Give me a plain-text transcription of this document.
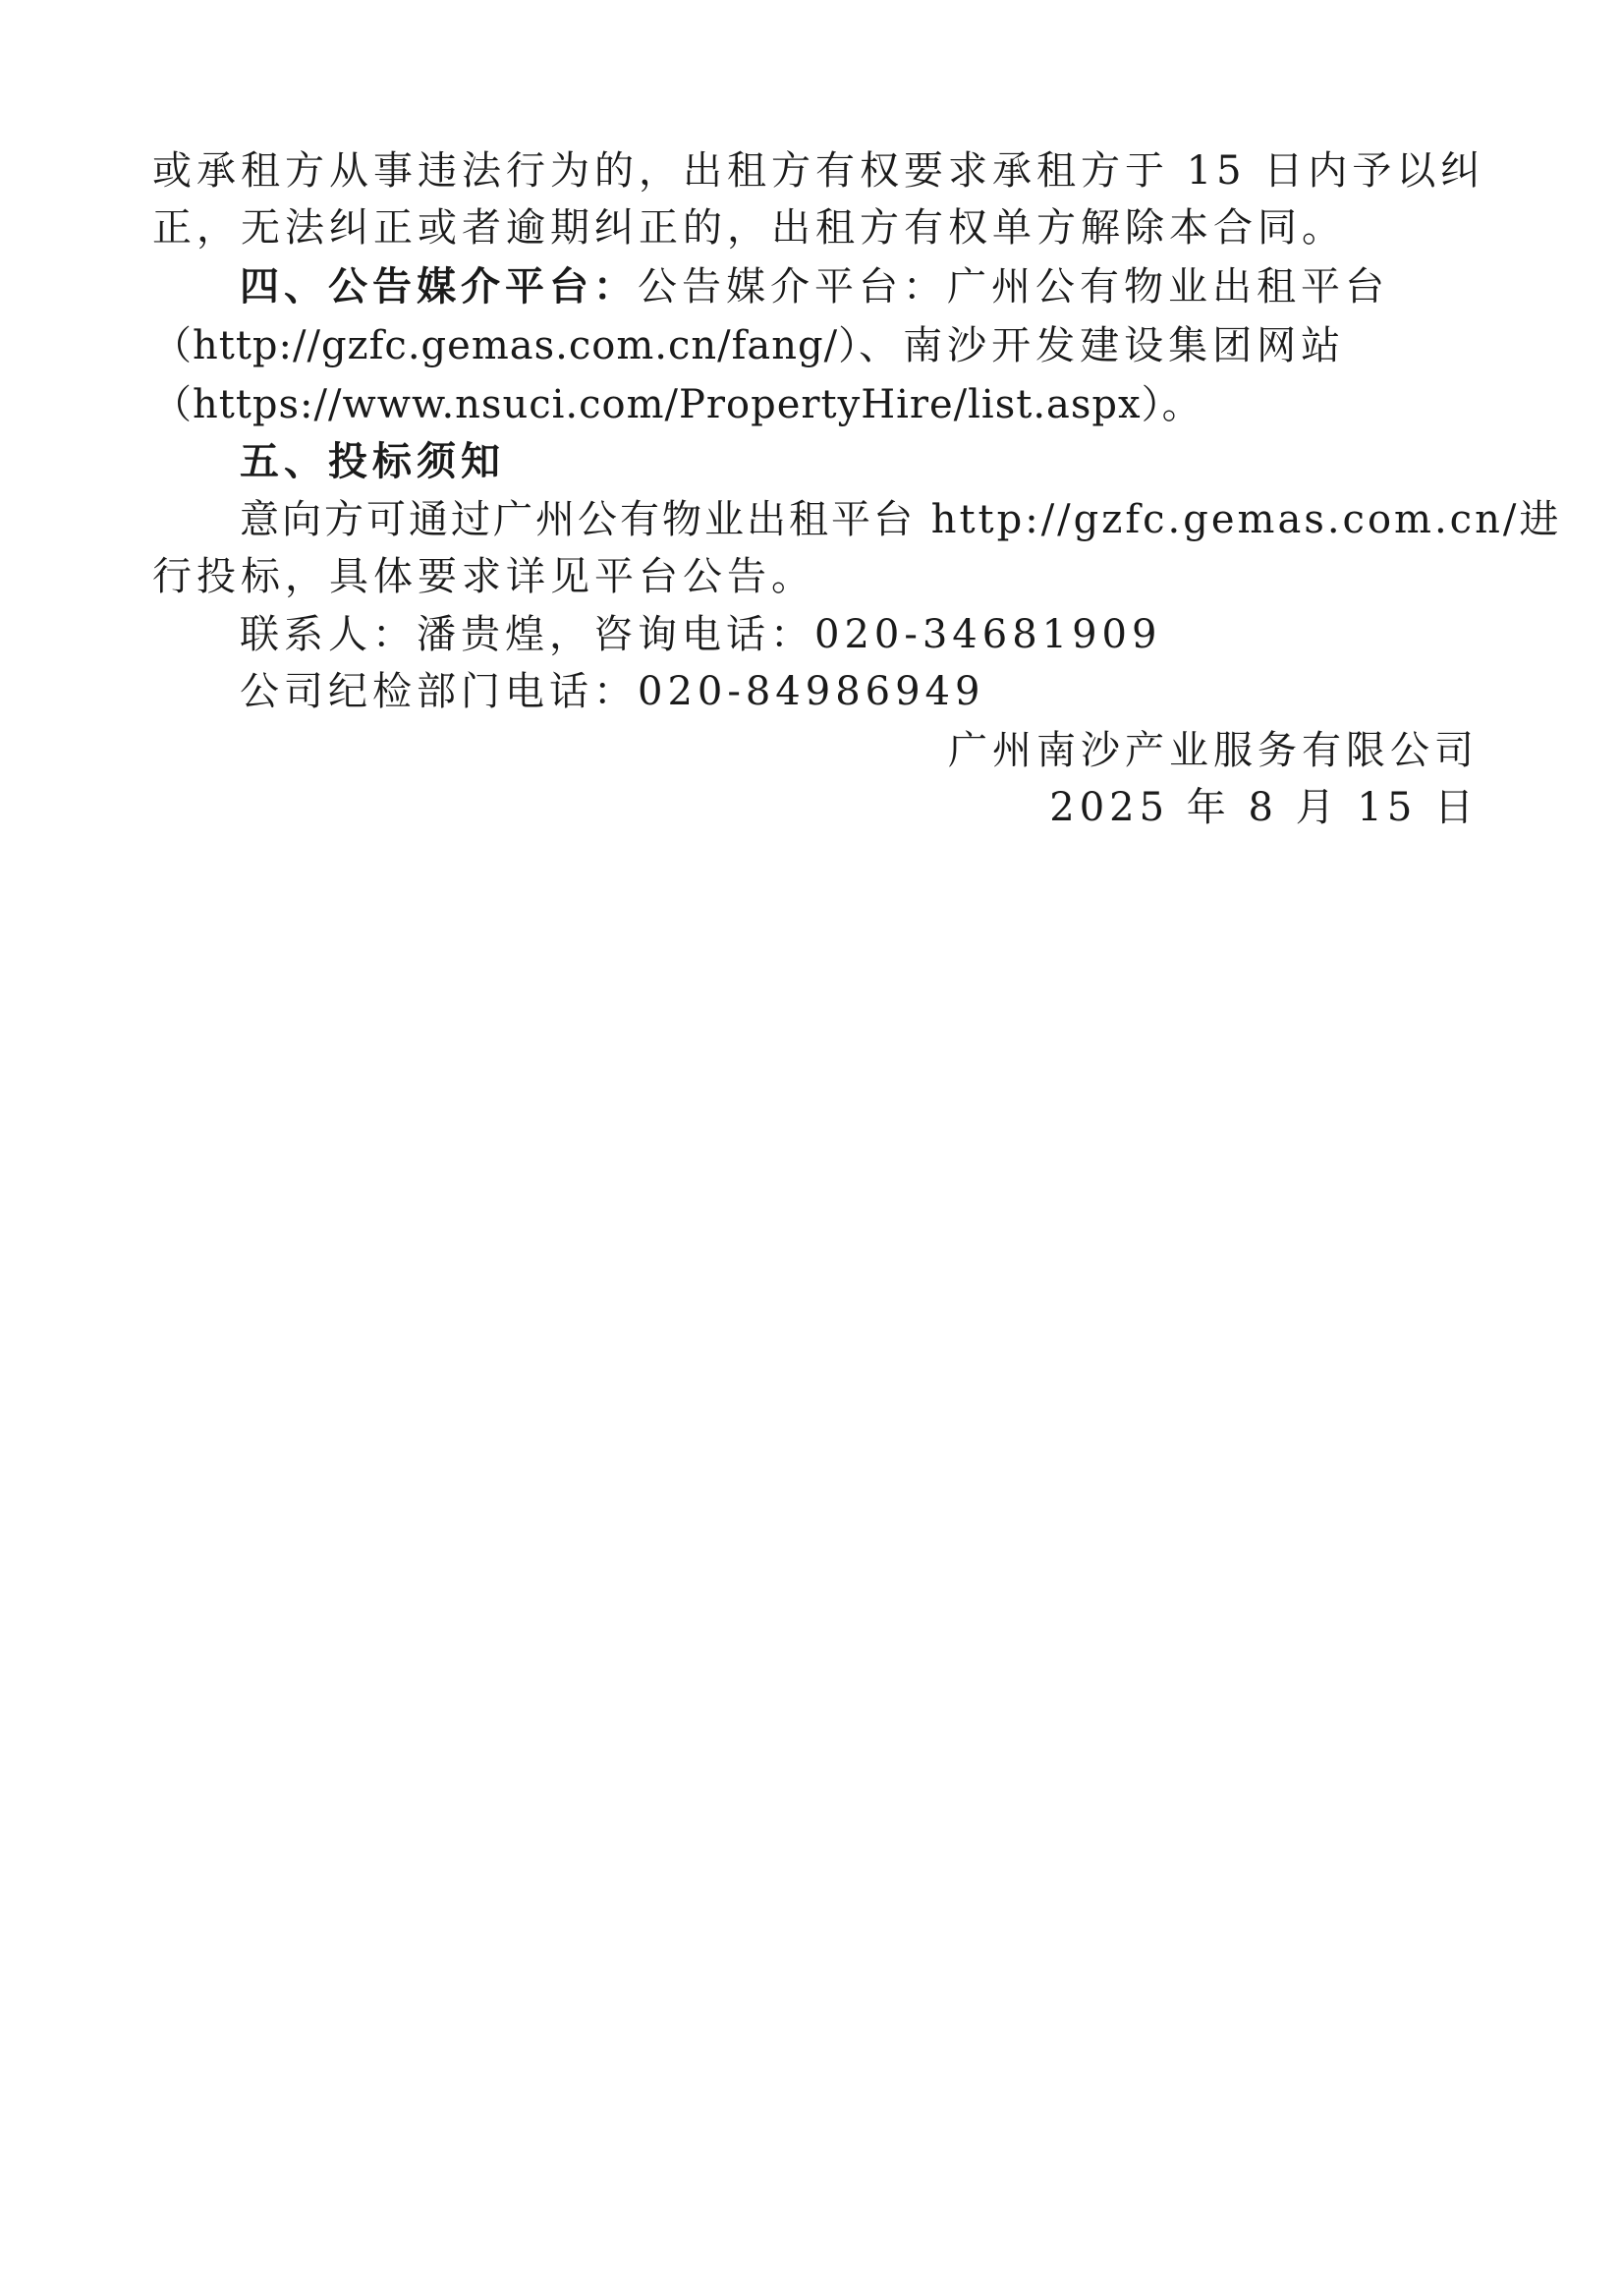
或承租方从事违法行为的，出租方有权要求承租方于 15 日内予以纠
正，无法纠正或者逾期纠正的，出租方有权单方解除本合同。
四、公告媒介平台：公告媒介平台：广州公有物业出租平台
（http://gzfc.gemas.com.cn/fang/）、南沙开发建设集团网站
（https://www.nsuci.com/PropertyHire/list.aspx）。
五、投标须知
意向方可通过广州公有物业出租平台 http://gzfc.gemas.com.cn/进
行投标，具体要求详见平台公告。
联系人：潘贵煌，咨询电话：020-34681909
公司纪检部门电话：020-84986949
广州南沙产业服务有限公司
2025 年 8 月 15 日
